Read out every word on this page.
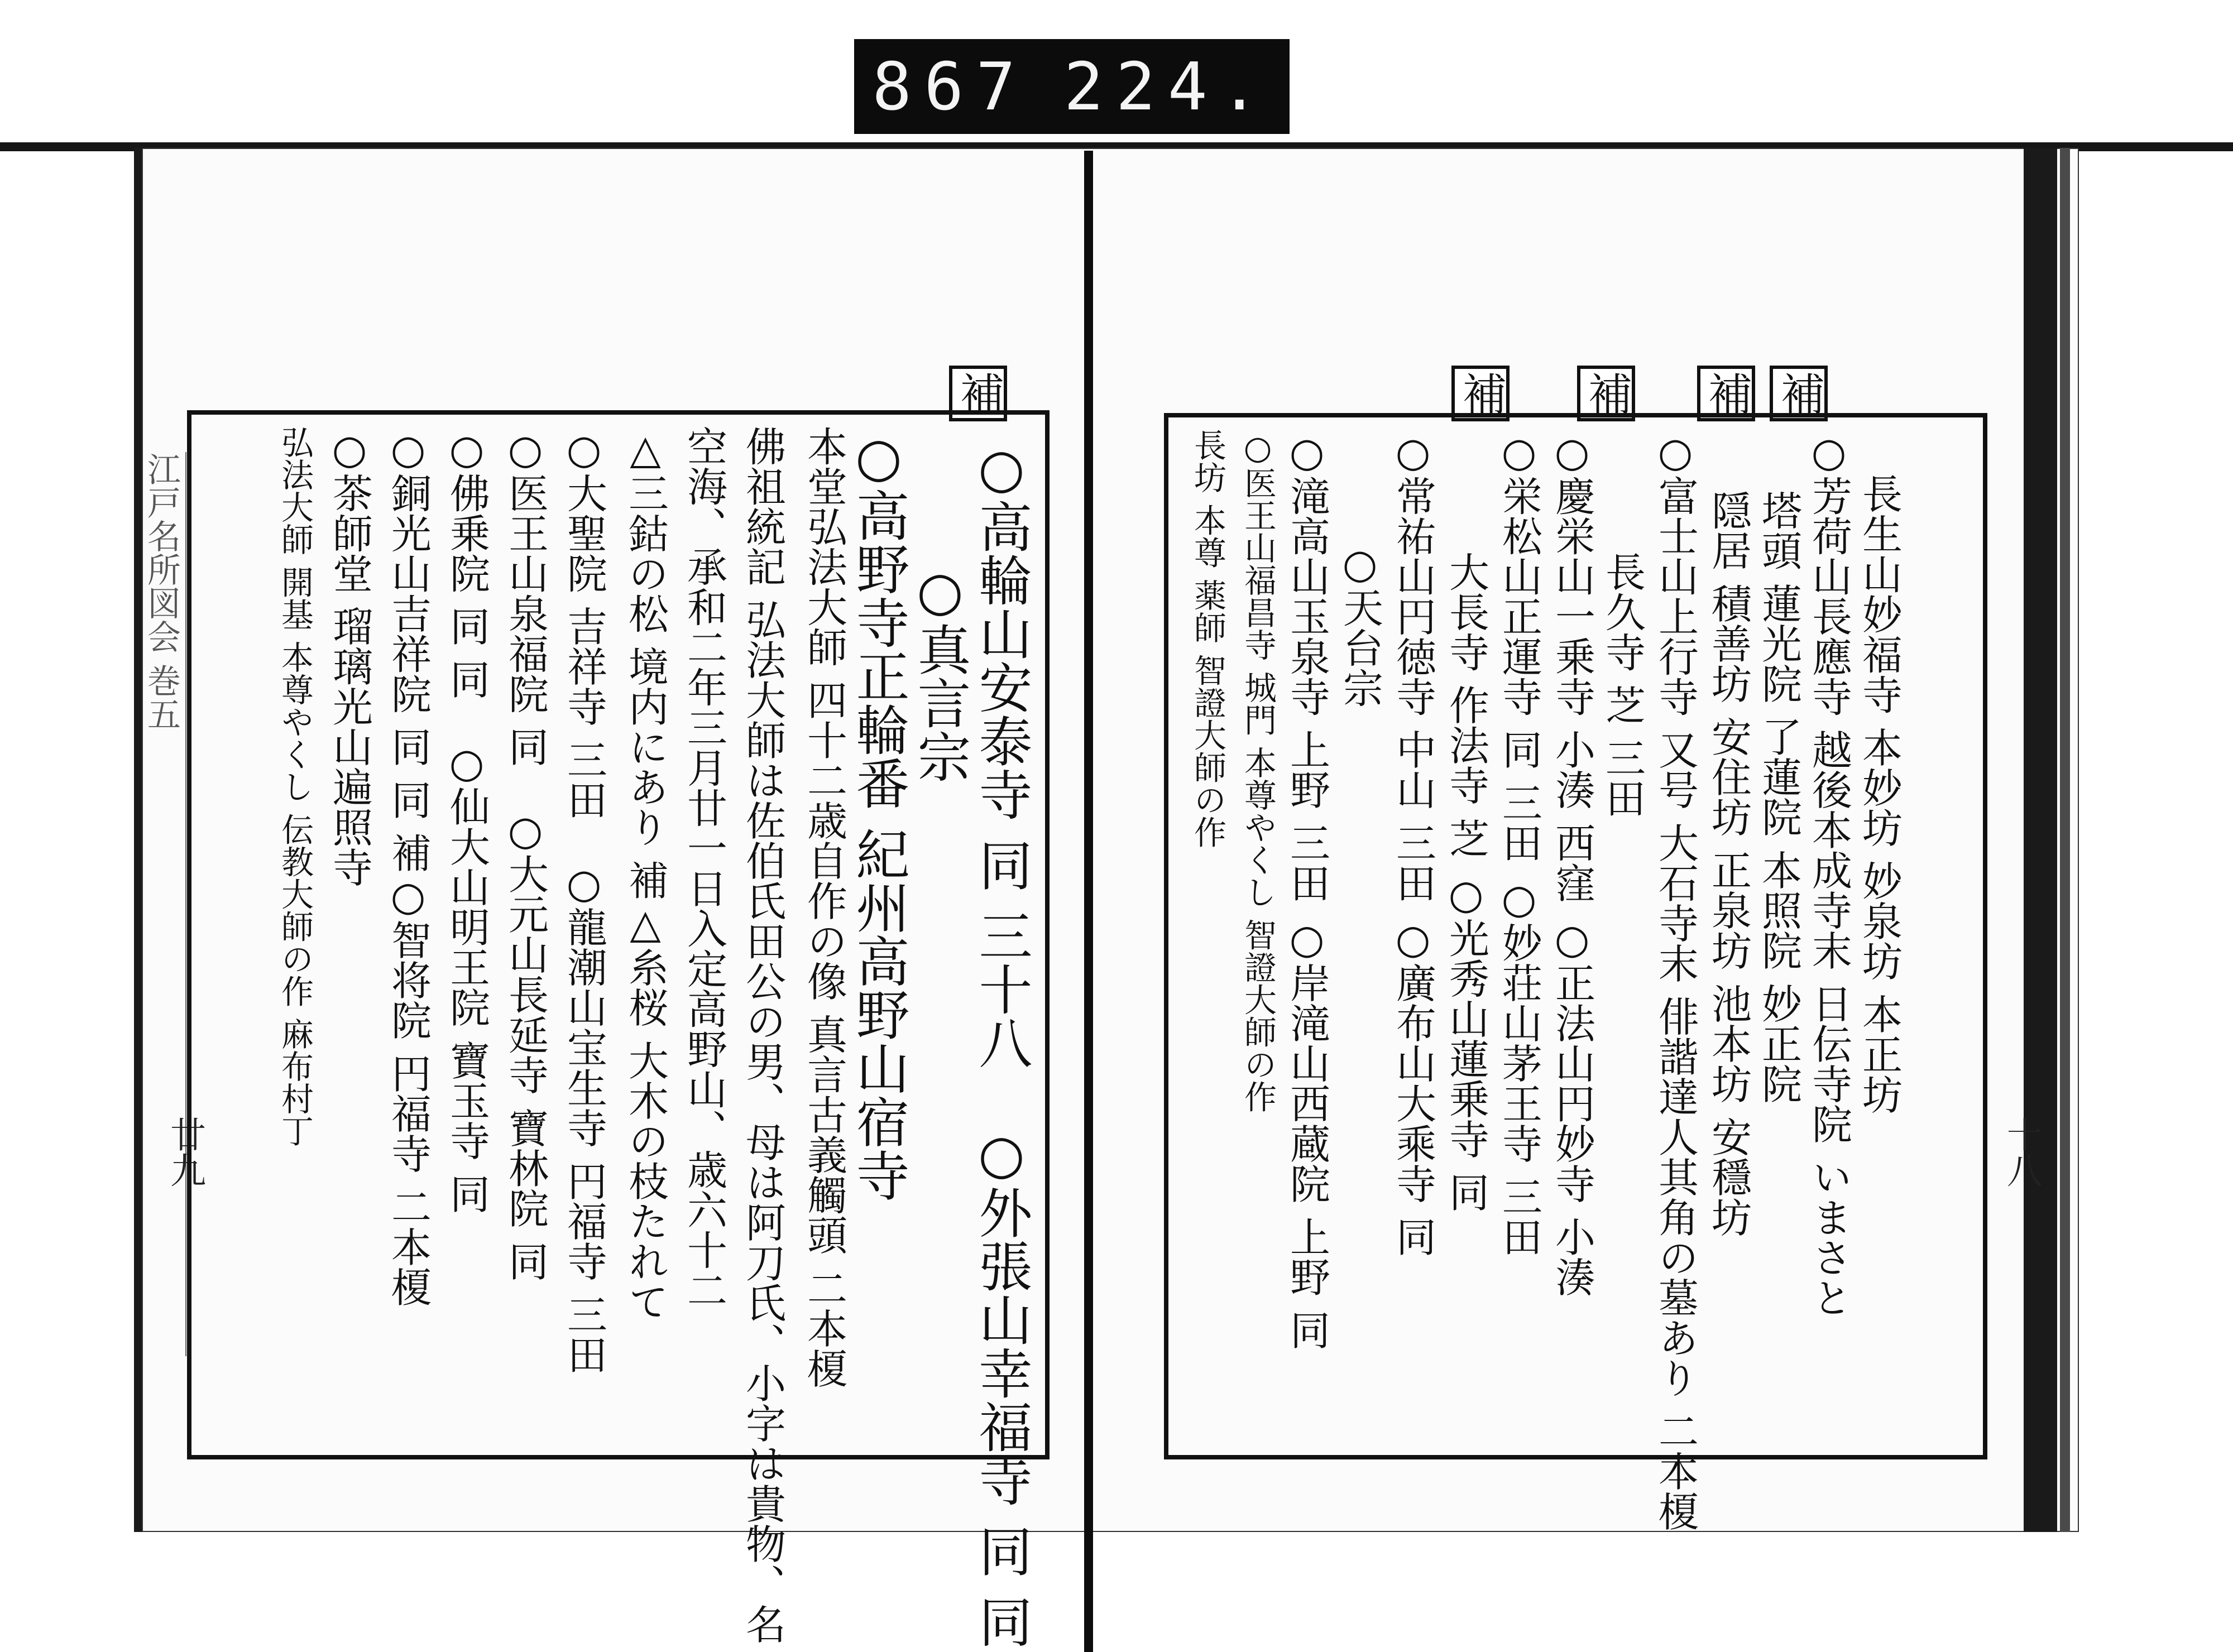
867 224.
江戸名所図会 巻五
廿九	十八
補
○高輪山安泰寺 同 三十八　○外張山幸福寺 同 同
○真言宗
○高野寺正輪番 紀州高野山宿寺
本堂弘法大師 四十二歳自作の像 真言古義觸頭 二本榎
佛祖統記 弘法大師は佐伯氏田公の男、母は阿刀氏、小字は貴物、名
空海、承和二年三月廿一日入定高野山、歳六十二
△三鈷の松 境内にあり 補△糸桜 大木の枝たれて
○大聖院 吉祥寺 三田　○龍潮山宝生寺 円福寺 三田
○医王山泉福院 同　○大元山長延寺 寶林院 同
○佛乗院 同 同　○仙大山明王院 寶玉寺 同
○銅光山吉祥院 同 同 補○智将院 円福寺 二本榎
○茶師堂 瑠璃光山遍照寺
弘法大師 開基 本尊やくし 伝教大師の作 麻布村丁
補
補
補
補
長生山妙福寺 本妙坊 妙泉坊 本正坊
○芳荷山長應寺 越後本成寺末 日伝寺院 いまさと
塔頭 蓮光院 了蓮院 本照院 妙正院
隠居 積善坊 安住坊 正泉坊 池本坊 安穩坊
○富士山上行寺 又号 大石寺末 俳諧達人其角の墓あり 二本榎
長久寺 芝 三田
○慶栄山一乗寺 小湊 西窪 ○正法山円妙寺 小湊
○栄松山正運寺 同 三田 ○妙荘山茅王寺 三田
大長寺 作法寺 芝 ○光秀山蓮乗寺 同
○常祐山円徳寺 中山 三田 ○廣布山大乘寺 同
○天台宗
○滝高山玉泉寺 上野 三田 ○岸滝山西蔵院 上野 同
○医王山福昌寺 城門 本尊やくし 智證大師の作
長坊 本尊 薬師 智證大師の作
